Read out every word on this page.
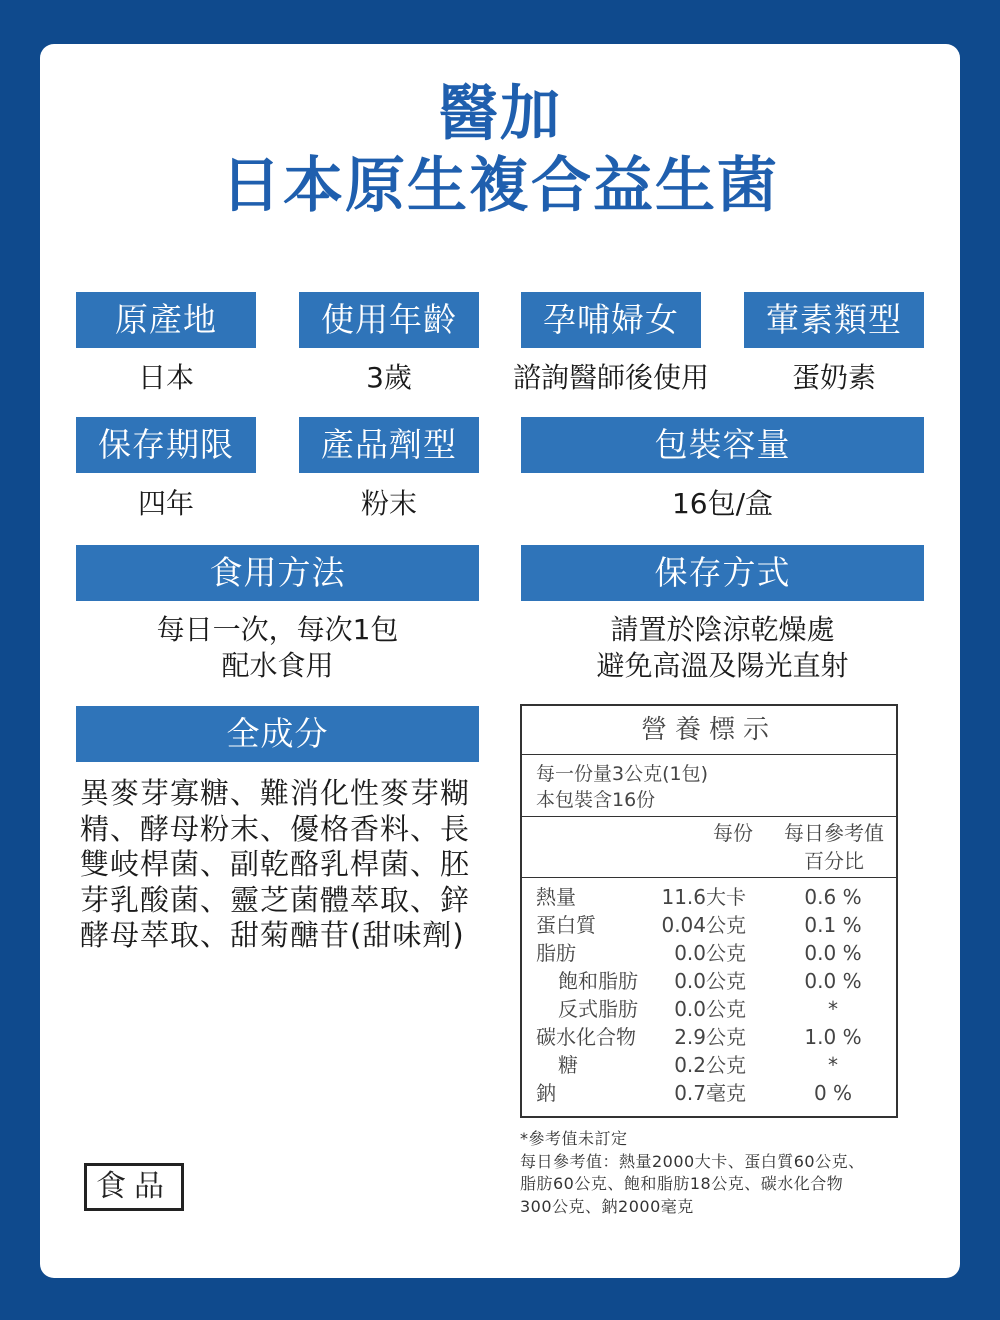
醫加
日本原生複合益生菌
原產地	使用年齡	孕哺婦女	葷素類型
日本	3歲	諮詢醫師後使用	蛋奶素
保存期限	產品劑型	包裝容量
四年	粉末	16包/盒
食用方法	保存方式
每日一次，每次1包
配水食用
請置於陰涼乾燥處
避免高溫及陽光直射
全成分
異麥芽寡糖、難消化性麥芽糊精、酵母粉末、優格香料、長雙岐桿菌、副乾酪乳桿菌、胚芽乳酸菌、靈芝菌體萃取、鋅酵母萃取、甜菊醣苷(甜味劑)
營養標示
每一份量3公克(1包)
本包裝含16份
每份	每日參考值
百分比
熱量	11.6大卡	0.6 %
蛋白質	0.04公克	0.1 %
脂肪	0.0公克	0.0 %
飽和脂肪	0.0公克	0.0 %
反式脂肪	0.0公克	*
碳水化合物	2.9公克	1.0 %
糖	0.2公克	*
鈉	0.7毫克	0 %
*參考值未訂定
每日參考值：熱量2000大卡、蛋白質60公克、
脂肪60公克、飽和脂肪18公克、碳水化合物
300公克、鈉2000毫克
食品
